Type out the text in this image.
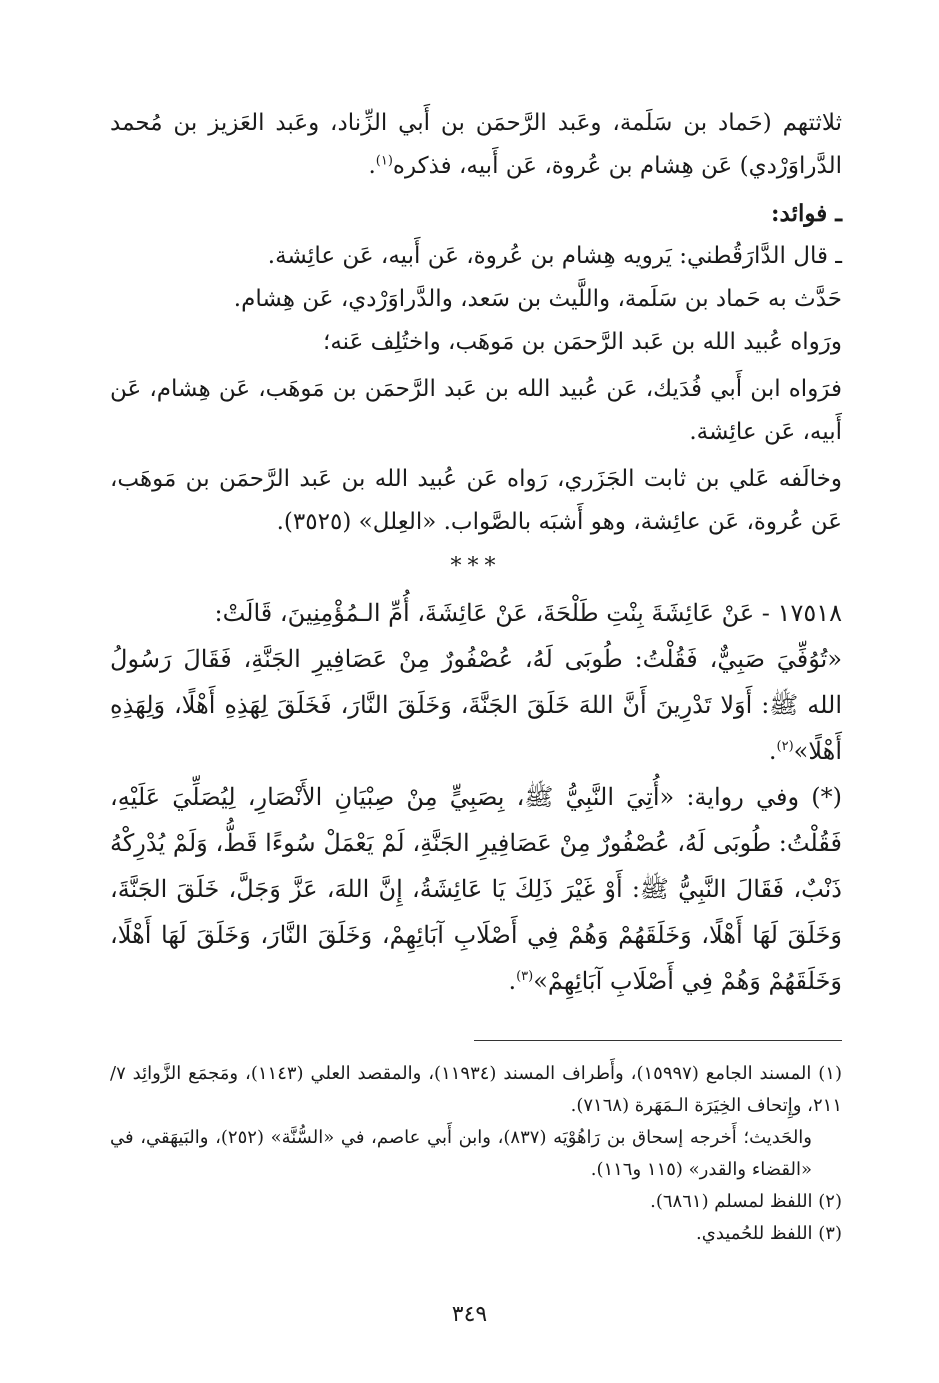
ثلاثتهم (حَماد بن سَلَمة، وعَبد الرَّحمَن بن أَبي الزِّناد، وعَبد العَزيز بن مُحمد الدَّراوَرْدي) عَن هِشام بن عُروة، عَن أَبيه، فذكره$^{(١)}$.

ـ فوائد:

ـ قال الدَّارَقُطني: يَرويه هِشام بن عُروة، عَن أَبيه، عَن عائِشة.

حَدَّث به حَماد بن سَلَمة، واللَّيث بن سَعد، والدَّراوَرْدي، عَن هِشام.

ورَواه عُبيد الله بن عَبد الرَّحمَن بن مَوهَب، واختُلِف عَنه؛

فرَواه ابن أَبي فُدَيك، عَن عُبيد الله بن عَبد الرَّحمَن بن مَوهَب، عَن هِشام، عَن أَبيه، عَن عائِشة.

وخالَفه عَلي بن ثابت الجَزَري، رَواه عَن عُبيد الله بن عَبد الرَّحمَن بن مَوهَب، عَن عُروة، عَن عائِشة، وهو أَشبَه بالصَّواب. «العِلل» (٣٥٢٥).

***

١٧٥١٨ - عَنْ عَائِشَةَ بِنْتِ طَلْحَةَ، عَنْ عَائِشَةَ، أُمِّ الـمُؤْمِنِينَ، قَالَتْ:

«تُوُفِّيَ صَبِيٌّ، فَقُلْتُ: طُوبَى لَهُ، عُصْفُورٌ مِنْ عَصَافِيرِ الجَنَّةِ، فَقَالَ رَسُولُ الله ﷺ: أَوَلا تَدْرِينَ أَنَّ اللهَ خَلَقَ الجَنَّةَ، وَخَلَقَ النَّارَ، فَخَلَقَ لِهَذِهِ أَهْلًا، وَلِهَذِهِ أَهْلًا»$^{(٢)}$.

(*) وفي رواية: «أُتِيَ النَّبِيُّ ﷺ، بِصَبِيٍّ مِنْ صِبْيَانِ الأَنْصَارِ، لِيُصَلِّيَ عَلَيْهِ، فَقُلْتُ: طُوبَى لَهُ، عُصْفُورٌ مِنْ عَصَافِيرِ الجَنَّةِ، لَمْ يَعْمَلْ سُوءًا قَطُّ، وَلَمْ يُدْرِكْهُ ذَنْبٌ، فَقَالَ النَّبِيُّ ﷺ: أَوْ غَيْرَ ذَلِكَ يَا عَائِشَةُ، إِنَّ اللهَ، عَزَّ وَجَلَّ، خَلَقَ الجَنَّةَ، وَخَلَقَ لَهَا أَهْلًا، وَخَلَقَهُمْ وَهُمْ فِي أَصْلَابِ آبَائِهِمْ، وَخَلَقَ النَّارَ، وَخَلَقَ لَهَا أَهْلًا، وَخَلَقَهُمْ وَهُمْ فِي أَصْلَابِ آبَائِهِمْ»$^{(٣)}$.

(١) المسند الجامع (١٥٩٩٧)، وأَطراف المسند (١١٩٣٤)، والمقصد العلي (١١٤٣)، ومَجمَع الزَّوائِد ٧/ ٢١١، وإِتحاف الخِيَرَة الـمَهَرة (٧١٦٨).

والحَديث؛ أَخرجه إسحاق بن رَاهُوْيَه (٨٣٧)، وابن أَبي عاصم، في «السُّنَّة» (٢٥٢)، والبَيهَقي، في «القضاء والقدر» (١١٥ و١١٦).

(٢) اللفظ لمسلم (٦٨٦١).

(٣) اللفظ للحُميدي.

٣٤٩
